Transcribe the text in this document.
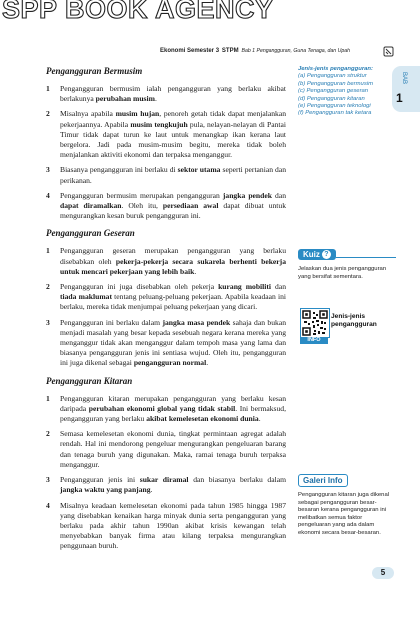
SPP BOOK AGENCY
Ekonomi Semester 3 STPM Bab 1 Pengangguran, Guna Tenaga, dan Upah
BAB
1
Pengangguran Bermusim
1 Pengangguran bermusim ialah pengangguran yang berlaku akibat berlakunya perubahan musim.
2 Misalnya apabila musim hujan, penoreh getah tidak dapat menjalankan pekerjaannya. Apabila musim tengkujuh pula, nelayan-nelayan di Pantai Timur tidak dapat turun ke laut untuk menangkap ikan kerana laut bergelora. Jadi pada musim-musim begitu, mereka tidak boleh menjalankan aktiviti ekonomi dan terpaksa menganggur.
3 Biasanya pengangguran ini berlaku di sektor utama seperti pertanian dan perikanan.
4 Pengangguran bermusim merupakan pengangguran jangka pendek dan dapat diramalkan. Oleh itu, persediaan awal dapat dibuat untuk mengurangkan kesan buruk pengangguran ini.
Pengangguran Geseran
1 Pengangguran geseran merupakan pengangguran yang berlaku disebabkan oleh pekerja-pekerja secara sukarela berhenti bekerja untuk mencari pekerjaan yang lebih baik.
2 Pengangguran ini juga disebabkan oleh pekerja kurang mobiliti dan tiada maklumat tentang peluang-peluang pekerjaan. Apabila keadaan ini berlaku, mereka tidak menjumpai peluang pekerjaan yang dicari.
3 Pengangguran ini berlaku dalam jangka masa pendek sahaja dan bukan menjadi masalah yang besar kepada sesebuah negara kerana mereka yang menganggur tidak akan menganggur dalam tempoh masa yang lama dan biasanya pengangguran jenis ini sentiasa wujud. Oleh itu, pengangguran ini juga dikenal sebagai pengangguran normal.
Pengangguran Kitaran
1 Pengangguran kitaran merupakan pengangguran yang berlaku kesan daripada perubahan ekonomi global yang tidak stabil. Ini bermaksud, pengangguran yang berlaku akibat kemelesetan ekonomi dunia.
2 Semasa kemelesetan ekonomi dunia, tingkat permintaan agregat adalah rendah. Hal ini mendorong pengeluar mengurangkan pengeluaran barang dan tenaga buruh yang digunakan. Maka, ramai tenaga buruh terpaksa menganggur.
3 Pengangguran jenis ini sukar diramal dan biasanya berlaku dalam jangka waktu yang panjang.
4 Misalnya keadaan kemelesetan ekonomi pada tahun 1985 hingga 1987 yang disebabkan kenaikan harga minyak dunia serta pengangguran yang berlaku pada akhir tahun 1990an akibat krisis kewangan telah menyebabkan banyak firma atau kilang terpaksa mengurangkan penggunaan buruh.
Jenis-jenis pengangguran:
(a) Pengangguran struktur
(b) Pengangguran bermusim
(c) Pengangguran geseran
(d) Pengangguran kitaran
(e) Pengangguran teknologi
(f) Pengangguran tak ketara
Kuiz ?
Jelaskan dua jenis pengangguran yang bersifat sementara.
INFO
Jenis-jenis pengangguran
Galeri Info
Pengangguran kitaran juga dikenal sebagai pengangguran besar-besaran kerana pengangguran ini melibatkan semua faktor pengeluaran yang ada dalam ekonomi secara besar-besaran.
5
